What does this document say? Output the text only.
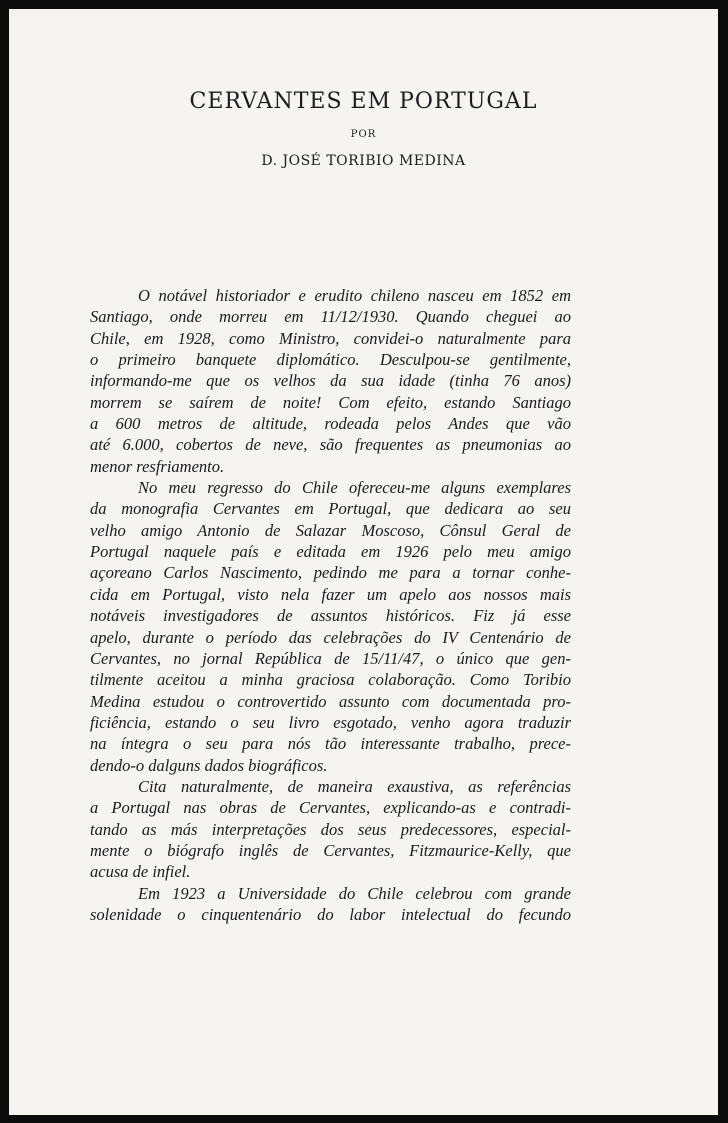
CERVANTES EM PORTUGAL
POR
D. JOSÉ TORIBIO MEDINA
O notável historiador e erudito chileno nasceu em 1852 em
Santiago, onde morreu em 11/12/1930. Quando cheguei ao
Chile, em 1928, como Ministro, convidei-o naturalmente para
o primeiro banquete diplomático. Desculpou-se gentilmente,
informando-me que os velhos da sua idade (tinha 76 anos)
morrem se saírem de noite! Com efeito, estando Santiago
a 600 metros de altitude, rodeada pelos Andes que vão
até 6.000, cobertos de neve, são frequentes as pneumonias ao
menor resfriamento.
No meu regresso do Chile ofereceu-me alguns exemplares
da monografia Cervantes em Portugal, que dedicara ao seu
velho amigo Antonio de Salazar Moscoso, Cônsul Geral de
Portugal naquele país e editada em 1926 pelo meu amigo
açoreano Carlos Nascimento, pedindo me para a tornar conhe-
cida em Portugal, visto nela fazer um apelo aos nossos mais
notáveis investigadores de assuntos históricos. Fiz já esse
apelo, durante o período das celebrações do IV Centenário de
Cervantes, no jornal República de 15/11/47, o único que gen-
tilmente aceitou a minha graciosa colaboração. Como Toribio
Medina estudou o controvertido assunto com documentada pro-
ficiência, estando o seu livro esgotado, venho agora traduzir
na íntegra o seu para nós tão interessante trabalho, prece-
dendo-o dalguns dados biográficos.
Cita naturalmente, de maneira exaustiva, as referências
a Portugal nas obras de Cervantes, explicando-as e contradi-
tando as más interpretações dos seus predecessores, especial-
mente o biógrafo inglês de Cervantes, Fitzmaurice-Kelly, que
acusa de infiel.
Em 1923 a Universidade do Chile celebrou com grande
solenidade o cinquentenário do labor intelectual do fecundo
